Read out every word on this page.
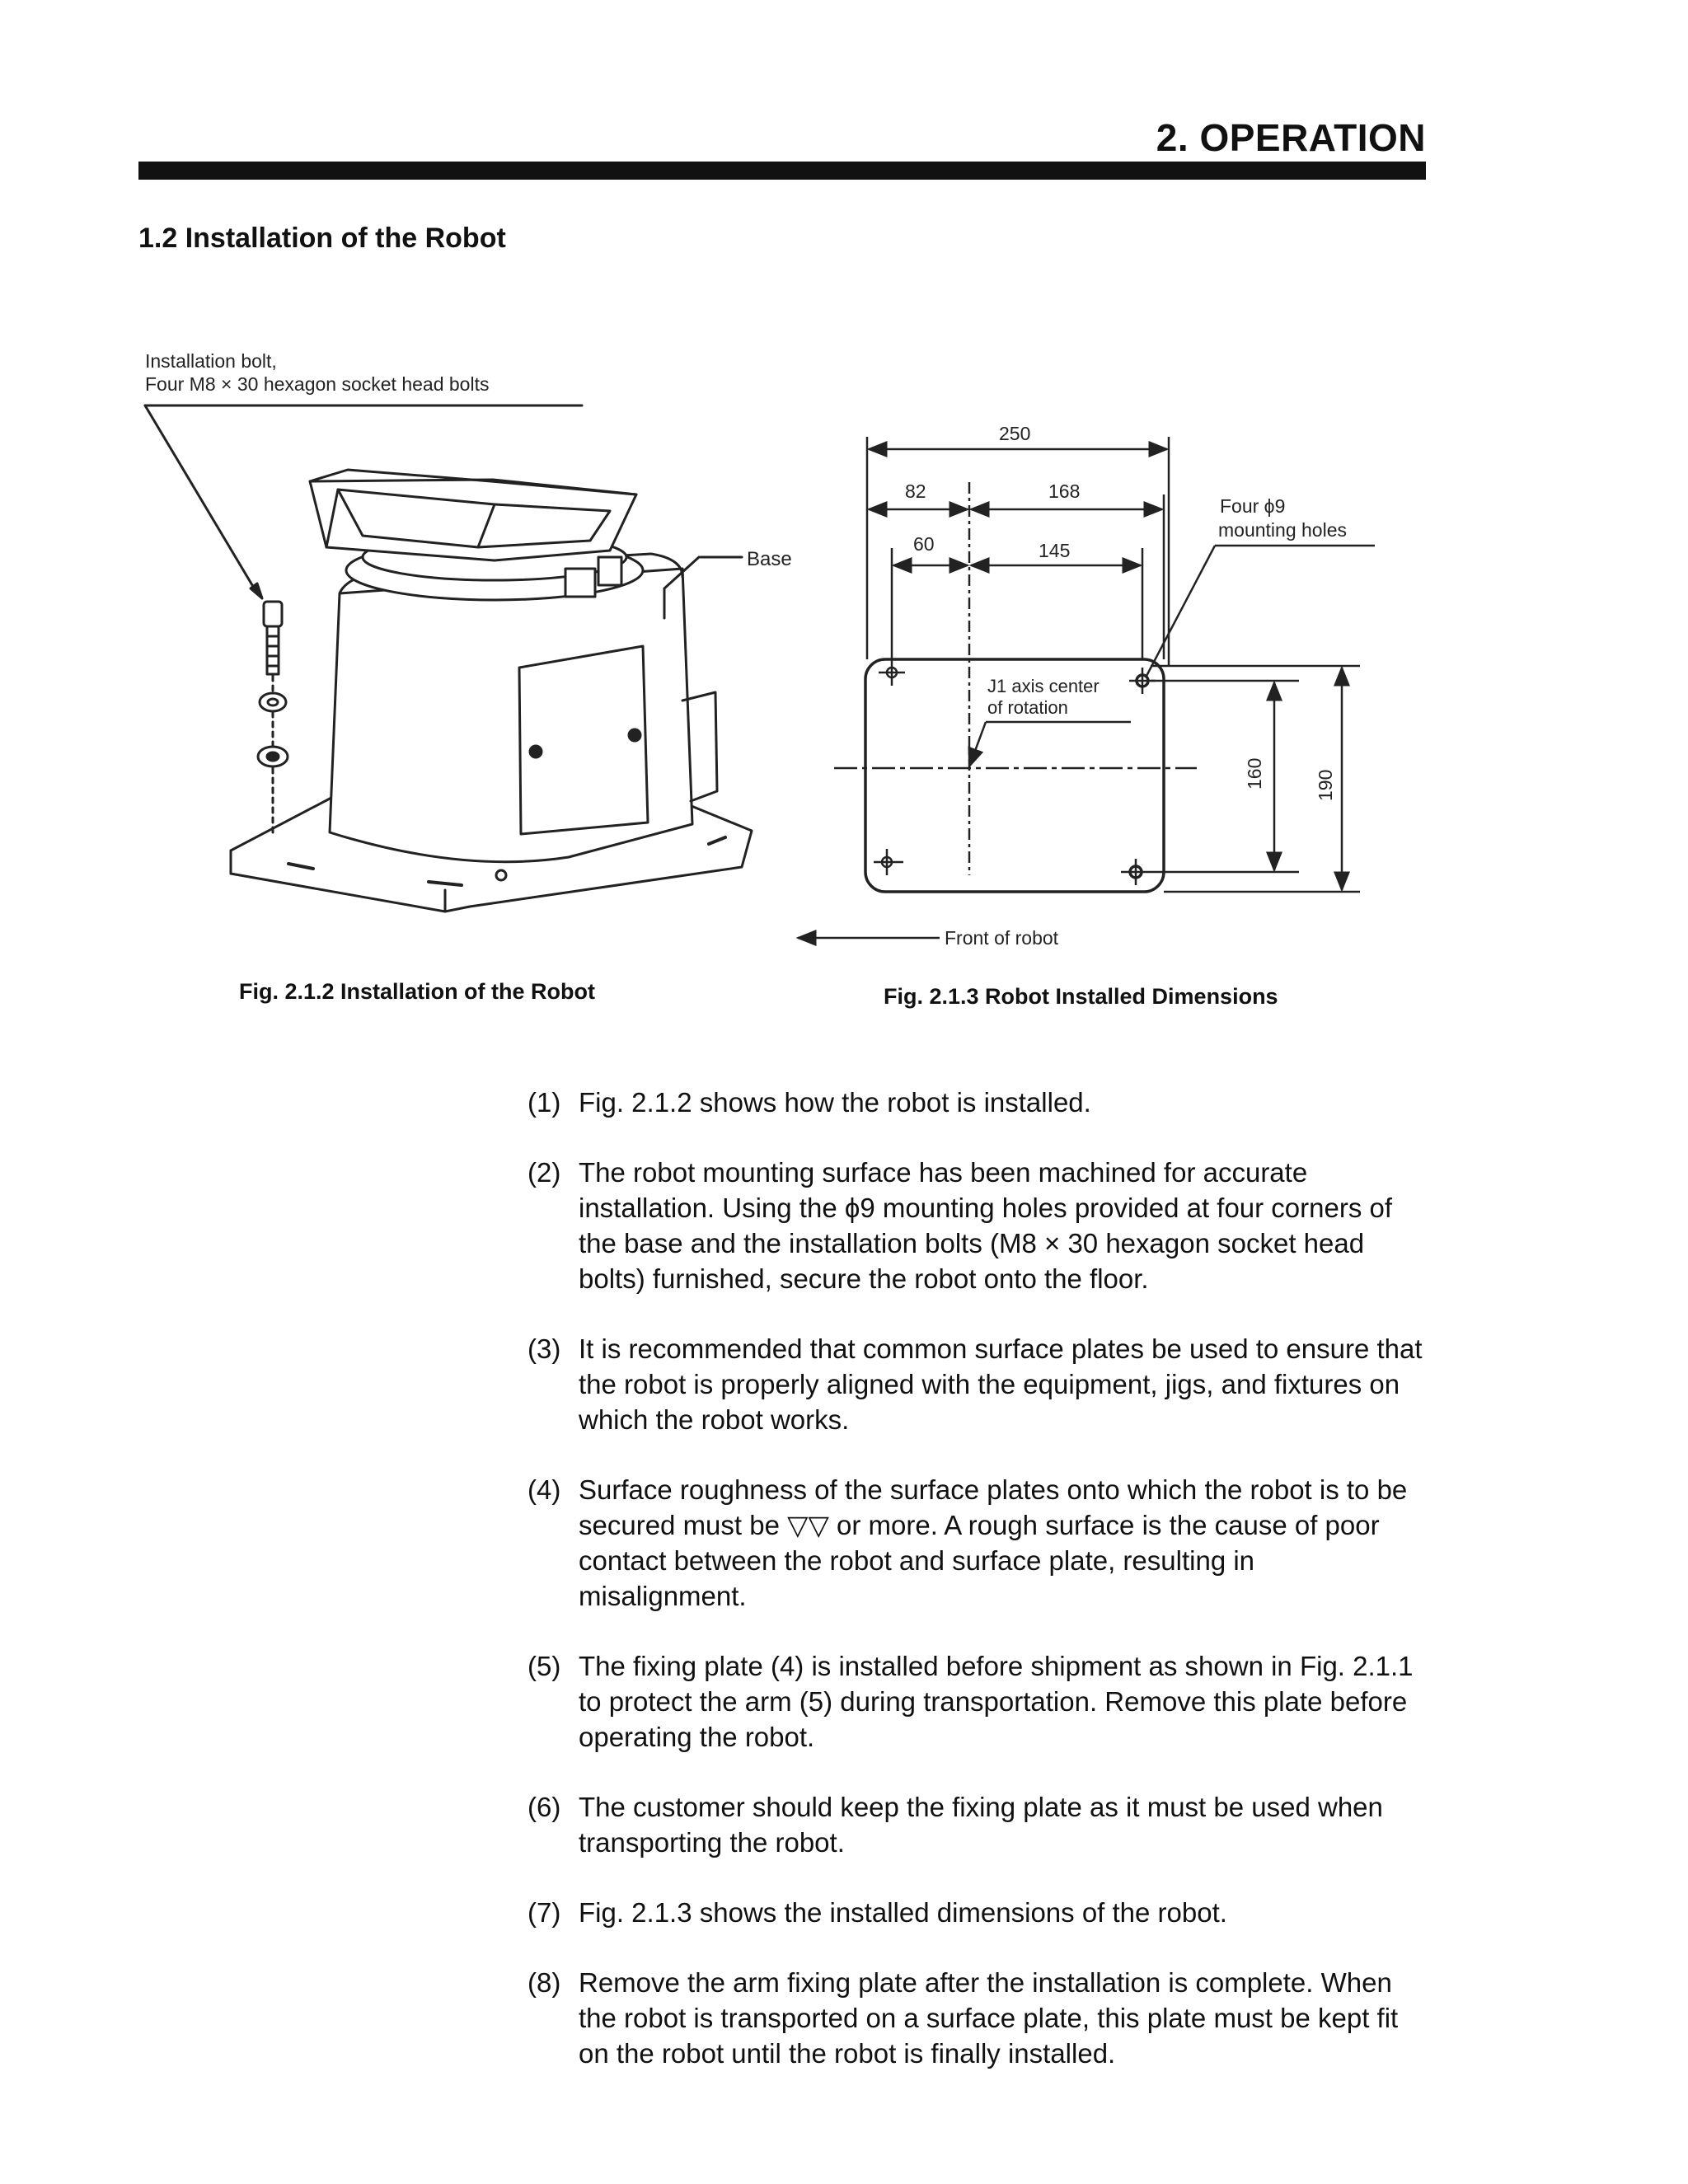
2. OPERATION
1.2 Installation of the Robot
Installation bolt,
Four M8 × 30 hexagon socket head bolts
Base
250
82	168
60	145
Four ϕ9
mounting holes
J1 axis center
of rotation
160	190
Front of robot
Fig. 2.1.2 Installation of the Robot	Fig. 2.1.3 Robot Installed Dimensions
(1) Fig. 2.1.2 shows how the robot is installed.
(2) The robot mounting surface has been machined for accurate installation. Using the ϕ9 mounting holes provided at four corners of the base and the installation bolts (M8 × 30 hexagon socket head bolts) furnished, secure the robot onto the floor.
(3) It is recommended that common surface plates be used to ensure that the robot is properly aligned with the equipment, jigs, and fixtures on which the robot works.
(4) Surface roughness of the surface plates onto which the robot is to be secured must be ▽▽ or more. A rough surface is the cause of poor contact between the robot and surface plate, resulting in misalignment.
(5) The fixing plate (4) is installed before shipment as shown in Fig. 2.1.1 to protect the arm (5) during transportation. Remove this plate before operating the robot.
(6) The customer should keep the fixing plate as it must be used when transporting the robot.
(7) Fig. 2.1.3 shows the installed dimensions of the robot.
(8) Remove the arm fixing plate after the installation is complete. When the robot is transported on a surface plate, this plate must be kept fit on the robot until the robot is finally installed.
